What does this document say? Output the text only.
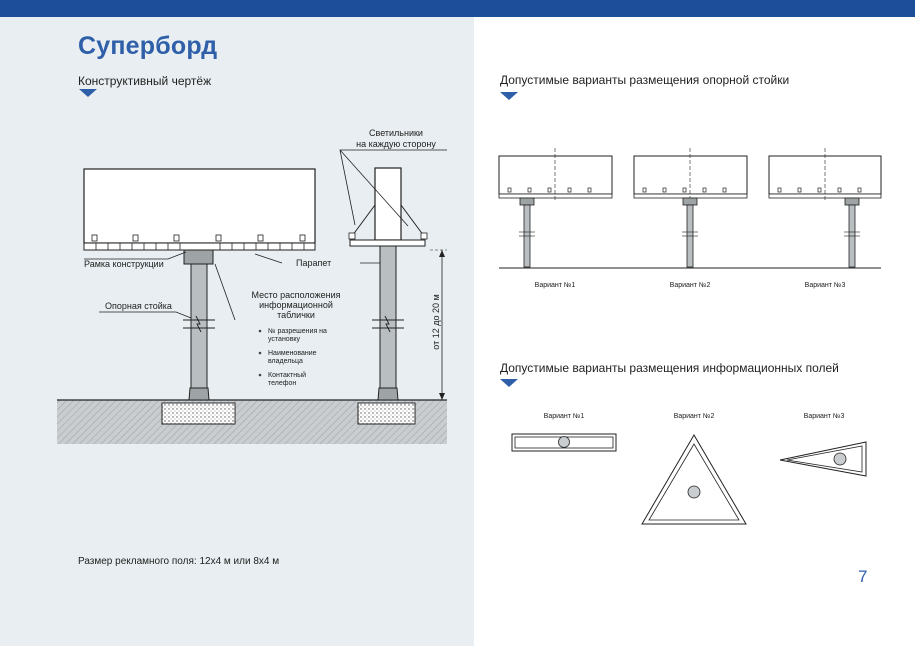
Суперборд
Конструктивный чертёж	Допустимые варианты размещения опорной стойки
Допустимые варианты размещения информационных полей
Размер рекламного поля: 12х4 м или 8х4 м
7
от 12 до 20 м
Светильники
на каждую сторону
Рамка конструкции	Парапет
Опорная стойка
Место расположения
информационной
таблички
№ разрешения на
установку
Наименование
владельца
Контактный
телефон
Вариант №1	Вариант №2	Вариант №3
Вариант №1	Вариант №2	Вариант №3
